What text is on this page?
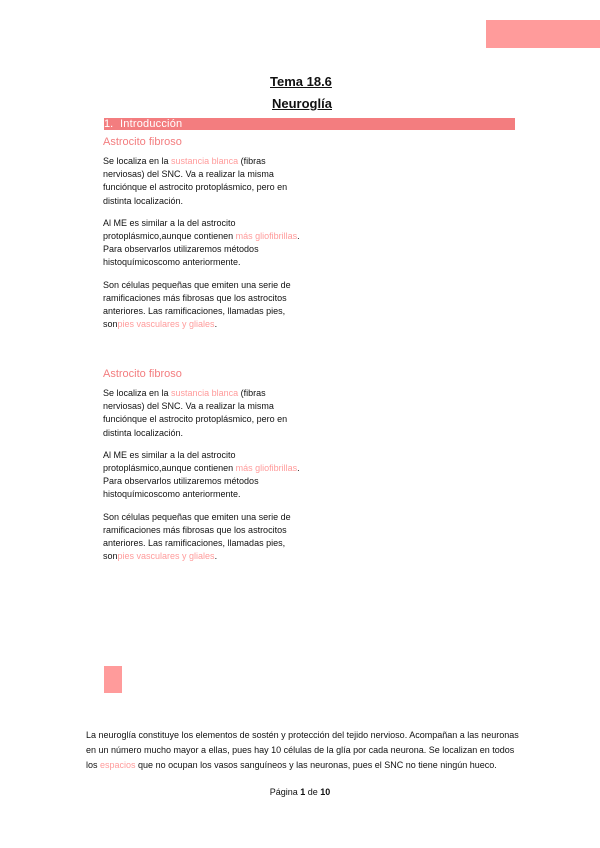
Tema 18.6

Neuroglía

1. Introducción

Astrocito fibroso

Se localiza en la sustancia blanca (fibras nerviosas) del SNC. Va a realizar la misma funciónque el astrocito protoplásmico, pero en distinta localización.

Al ME es similar a la del astrocito protoplásmico,aunque contienen más gliofibrillas. Para observarlos utilizaremos métodos histoquímicoscomo anteriormente.

Son células pequeñas que emiten una serie de ramificaciones más fibrosas que los astrocitos anteriores. Las ramificaciones, llamadas pies, sonpies vasculares y gliales.

Astrocito fibroso

Se localiza en la sustancia blanca (fibras nerviosas) del SNC. Va a realizar la misma funciónque el astrocito protoplásmico, pero en distinta localización.

Al ME es similar a la del astrocito protoplásmico,aunque contienen más gliofibrillas. Para observarlos utilizaremos métodos histoquímicoscomo anteriormente.

Son células pequeñas que emiten una serie de ramificaciones más fibrosas que los astrocitos anteriores. Las ramificaciones, llamadas pies, sonpies vasculares y gliales.

La neuroglía constituye los elementos de sostén y protección del tejido nervioso. Acompañan a las neuronas en un número mucho mayor a ellas, pues hay 10 células de la glía por cada neurona. Se localizan en todos los espacios que no ocupan los vasos sanguíneos y las neuronas, pues el SNC no tiene ningún hueco.
Página 1 de 10
